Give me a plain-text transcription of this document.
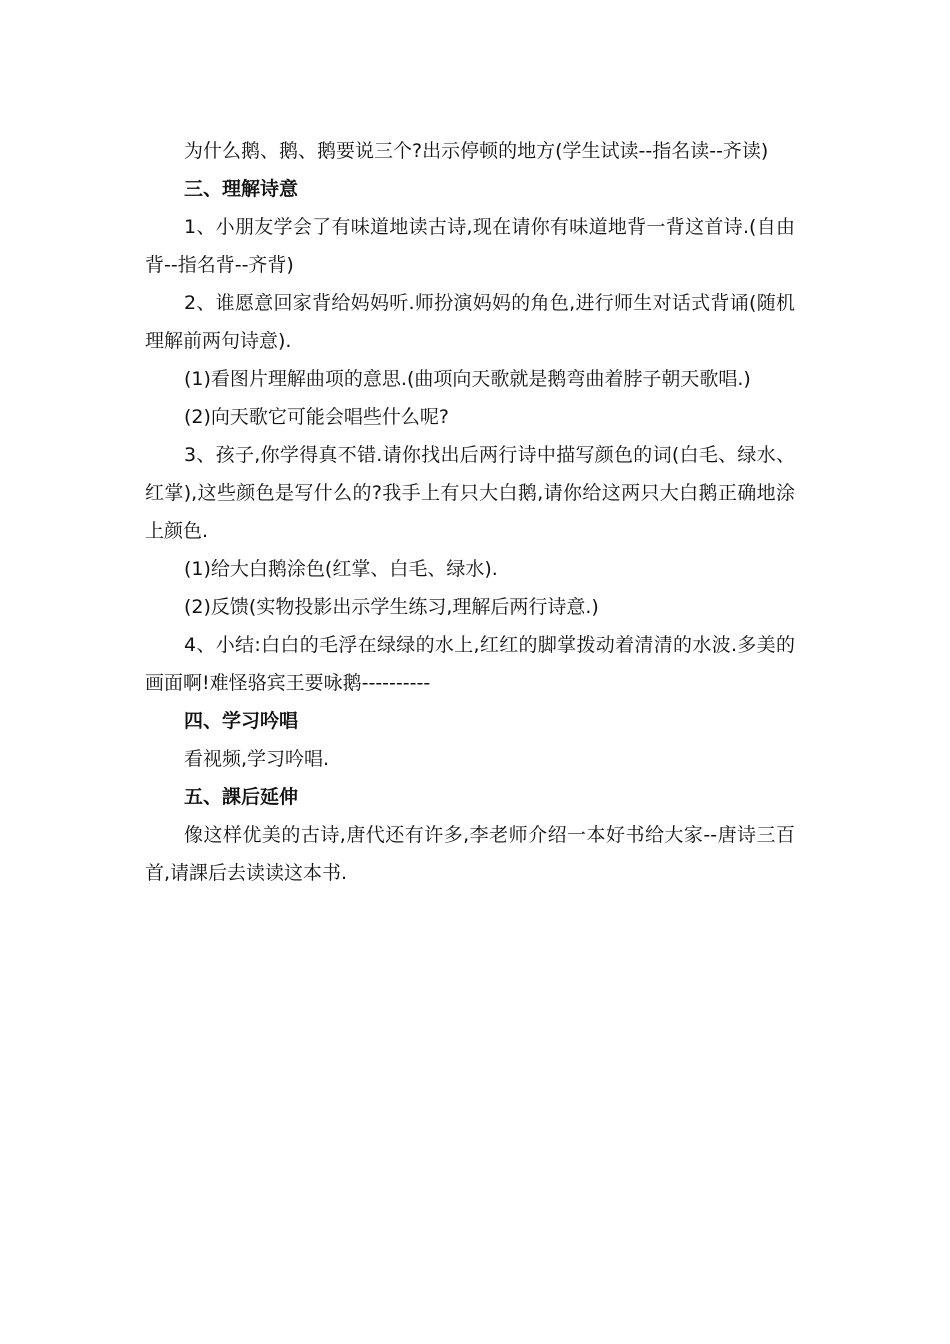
为什么鹅、鹅、鹅要说三个?出示停顿的地方(学生试读--指名读--齐读)

三、理解诗意

1、小朋友学会了有味道地读古诗,现在请你有味道地背一背这首诗.(自由背--指名背--齐背)

2、谁愿意回家背给妈妈听.师扮演妈妈的角色,进行师生对话式背诵(随机理解前两句诗意).

(1)看图片理解曲项的意思.(曲项向天歌就是鹅弯曲着脖子朝天歌唱.)

(2)向天歌它可能会唱些什么呢?

3、孩子,你学得真不错.请你找出后两行诗中描写颜色的词(白毛、绿水、红掌),这些颜色是写什么的?我手上有只大白鹅,请你给这两只大白鹅正确地涂上颜色.

(1)给大白鹅涂色(红掌、白毛、绿水).

(2)反馈(实物投影出示学生练习,理解后两行诗意.)

4、小结:白白的毛浮在绿绿的水上,红红的脚掌拨动着清清的水波.多美的画面啊!难怪骆宾王要咏鹅----------

四、学习吟唱

看视频,学习吟唱.

五、課后延伸

像这样优美的古诗,唐代还有许多,李老师介绍一本好书给大家--唐诗三百首,请課后去读读这本书.
